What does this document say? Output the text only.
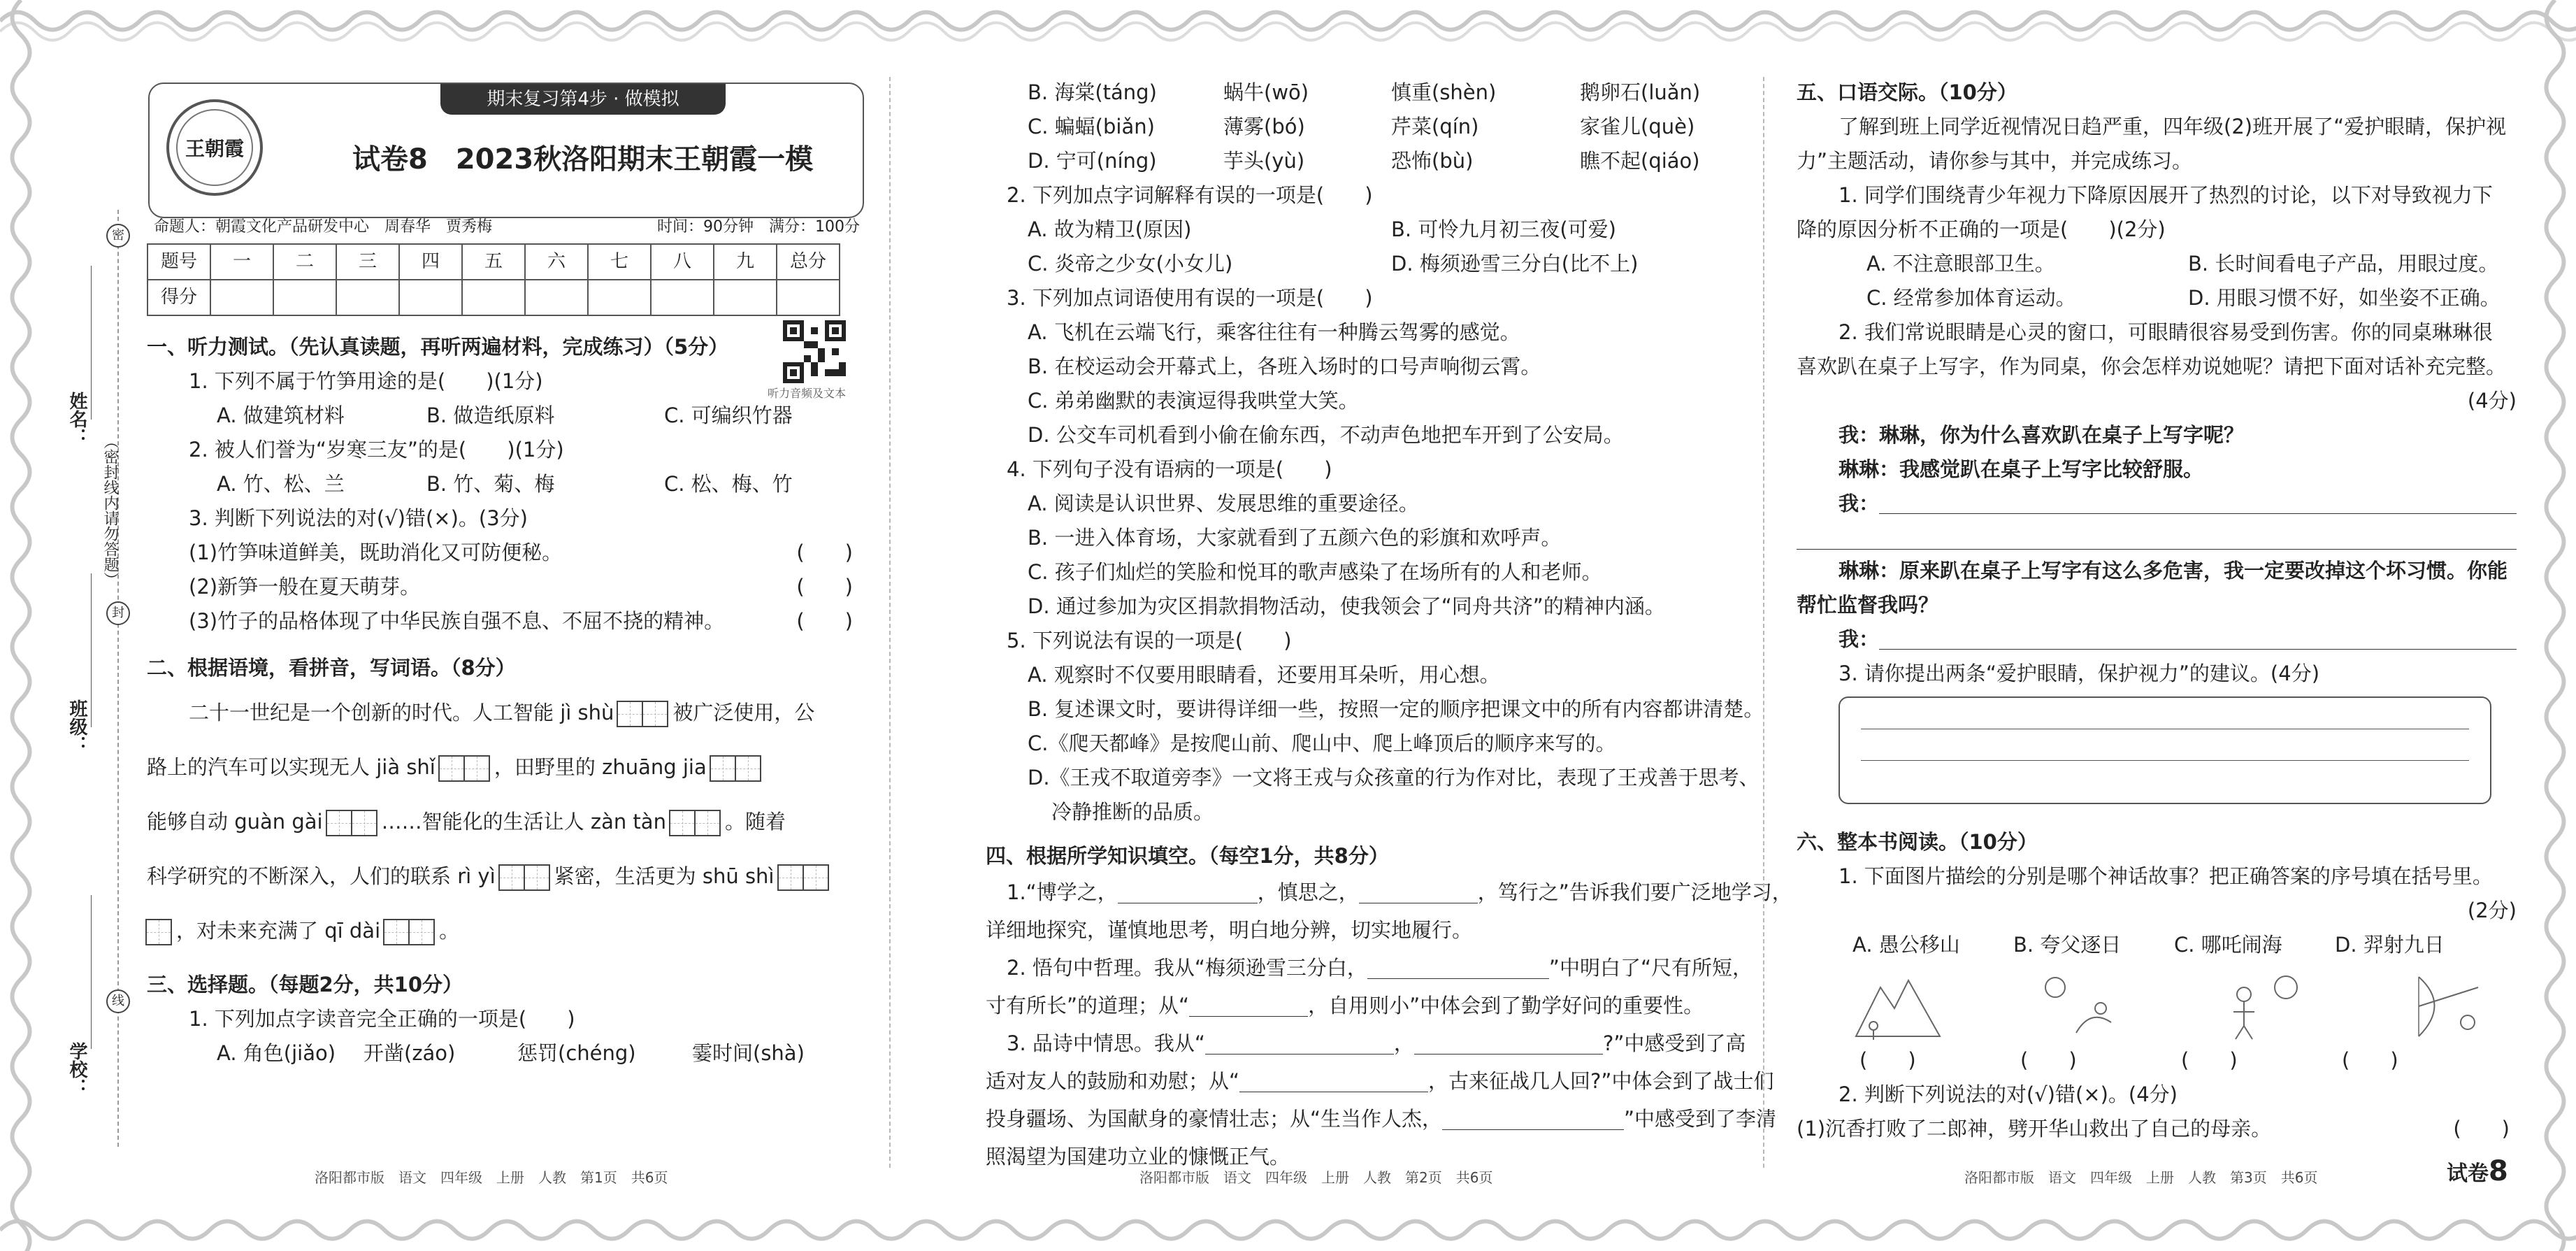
密
封
线
（密封线内请勿答题）
姓名：
班级：
学校：
期末复习第4步 · 做模拟
王朝霞	试卷8　2023秋洛阳期末王朝霞一模
命题人：朝霞文化产品研发中心　周春华　贾秀梅	时间：90分钟　满分：100分
题号	一	二	三	四	五	六	七	八	九	总分
得分										

一、听力测试。（先认真读题，再听两遍材料，完成练习）（5分）

1. 下列不属于竹笋用途的是(　　)(1分)

A. 做建筑材料	B. 做造纸原料	C. 可编织竹器

2. 被人们誉为“岁寒三友”的是(　　)(1分)

A. 竹、松、兰	B. 竹、菊、梅	C. 松、梅、竹

3. 判断下列说法的对(√)错(×)。(3分)

(1)竹笋味道鲜美，既助消化又可防便秘。	(　　)
(2)新笋一般在夏天萌芽。	(　　)
(3)竹子的品格体现了中华民族自强不息、不屈不挠的精神。	(　　)

二、根据语境，看拼音，写词语。（8分）

二十一世纪是一个创新的时代。人工智能 jì shù	被广泛使用，公
路上的汽车可以实现无人 jià shǐ	，田野里的 zhuāng jia
能够自动 guàn gài	……智能化的生活让人 zàn tàn	。随着
科学研究的不断深入，人们的联系 rì yì	紧密，生活更为 shū shì
，对未来充满了 qī dài	。

三、选择题。（每题2分，共10分）

1. 下列加点字读音完全正确的一项是(　　)

A. 角色(jiǎo)	开凿(záo)	惩罚(chéng)	霎时间(shà)
听力音频及文本
B. 海棠(táng)	蜗牛(wō)	慎重(shèn)	鹅卵石(luǎn)
C. 蝙蝠(biǎn)	薄雾(bó)	芹菜(qín)	家雀儿(què)
D. 宁可(níng)	芋头(yù)	恐怖(bù)	瞧不起(qiáo)

2. 下列加点字词解释有误的一项是(　　)

A. 故为精卫(原因)	B. 可怜九月初三夜(可爱)
C. 炎帝之少女(小女儿)	D. 梅须逊雪三分白(比不上)

3. 下列加点词语使用有误的一项是(　　)

A. 飞机在云端飞行，乘客往往有一种腾云驾雾的感觉。

B. 在校运动会开幕式上，各班入场时的口号声响彻云霄。

C. 弟弟幽默的表演逗得我哄堂大笑。

D. 公交车司机看到小偷在偷东西，不动声色地把车开到了公安局。

4. 下列句子没有语病的一项是(　　)

A. 阅读是认识世界、发展思维的重要途径。

B. 一进入体育场，大家就看到了五颜六色的彩旗和欢呼声。

C. 孩子们灿烂的笑脸和悦耳的歌声感染了在场所有的人和老师。

D. 通过参加为灾区捐款捐物活动，使我领会了“同舟共济”的精神内涵。

5. 下列说法有误的一项是(　　)

A. 观察时不仅要用眼睛看，还要用耳朵听，用心想。

B. 复述课文时，要讲得详细一些，按照一定的顺序把课文中的所有内容都讲清楚。

C.《爬天都峰》是按爬山前、爬山中、爬上峰顶后的顺序来写的。

D.《王戎不取道旁李》一文将王戎与众孩童的行为作对比，表现了王戎善于思考、

冷静推断的品质。

四、根据所学知识填空。（每空1分，共8分）

1.“博学之，	，慎思之，	，笃行之”告诉我们要广泛地学习，

详细地探究，谨慎地思考，明白地分辨，切实地履行。

2. 悟句中哲理。我从“梅须逊雪三分白，	”中明白了“尺有所短，

寸有所长”的道理；从“	，自用则小”中体会到了勤学好问的重要性。

3. 品诗中情思。我从“	，	?”中感受到了高

适对友人的鼓励和劝慰；从“	，古来征战几人回?”中体会到了战士们

投身疆场、为国献身的豪情壮志；从“生当作人杰，	”中感受到了李清

照渴望为国建功立业的慷慨正气。

五、口语交际。（10分）

了解到班上同学近视情况日趋严重，四年级(2)班开展了“爱护眼睛，保护视

力”主题活动，请你参与其中，并完成练习。

1. 同学们围绕青少年视力下降原因展开了热烈的讨论，以下对导致视力下

降的原因分析不正确的一项是(　　)(2分)

A. 不注意眼部卫生。	B. 长时间看电子产品，用眼过度。
C. 经常参加体育运动。	D. 用眼习惯不好，如坐姿不正确。

2. 我们常说眼睛是心灵的窗口，可眼睛很容易受到伤害。你的同桌琳琳很

喜欢趴在桌子上写字，作为同桌，你会怎样劝说她呢？请把下面对话补充完整。

(4分)

我：琳琳，你为什么喜欢趴在桌子上写字呢？

琳琳：我感觉趴在桌子上写字比较舒服。

我：

琳琳：原来趴在桌子上写字有这么多危害，我一定要改掉这个坏习惯。你能

帮忙监督我吗？

我：

3. 请你提出两条“爱护眼睛，保护视力”的建议。(4分)

六、整本书阅读。（10分）

1. 下面图片描绘的分别是哪个神话故事？把正确答案的序号填在括号里。

(2分)

A. 愚公移山	B. 夸父逐日	C. 哪吒闹海	D. 羿射九日
(　　)	(　　)	(　　)	(　　)

2. 判断下列说法的对(√)错(×)。(4分)

(1)沉香打败了二郎神，劈开华山救出了自己的母亲。	(　　)
洛阳都市版　语文　四年级　上册　人教　第1页　共6页	洛阳都市版　语文　四年级　上册　人教　第2页　共6页	洛阳都市版　语文　四年级　上册　人教　第3页　共6页	试卷8
